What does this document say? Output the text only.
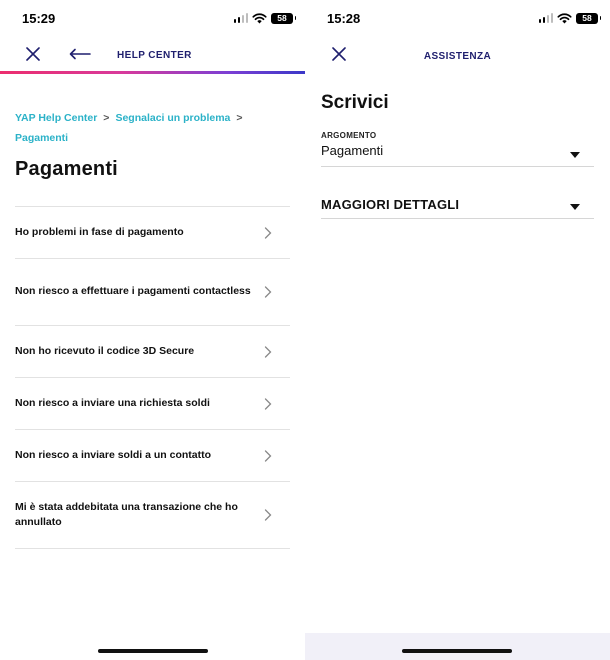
15:29	58
HELP CENTER
YAP Help Center > Segnalaci un problema >
Pagamenti
Pagamenti
Ho problemi in fase di pagamento
Non riesco a effettuare i pagamenti contactless
Non ho ricevuto il codice 3D Secure
Non riesco a inviare una richiesta soldi
Non riesco a inviare soldi a un contatto
Mi è stata addebitata una transazione che ho annullato
15:28	58
ASSISTENZA
Scrivici
ARGOMENTO
Pagamenti
MAGGIORI DETTAGLI
